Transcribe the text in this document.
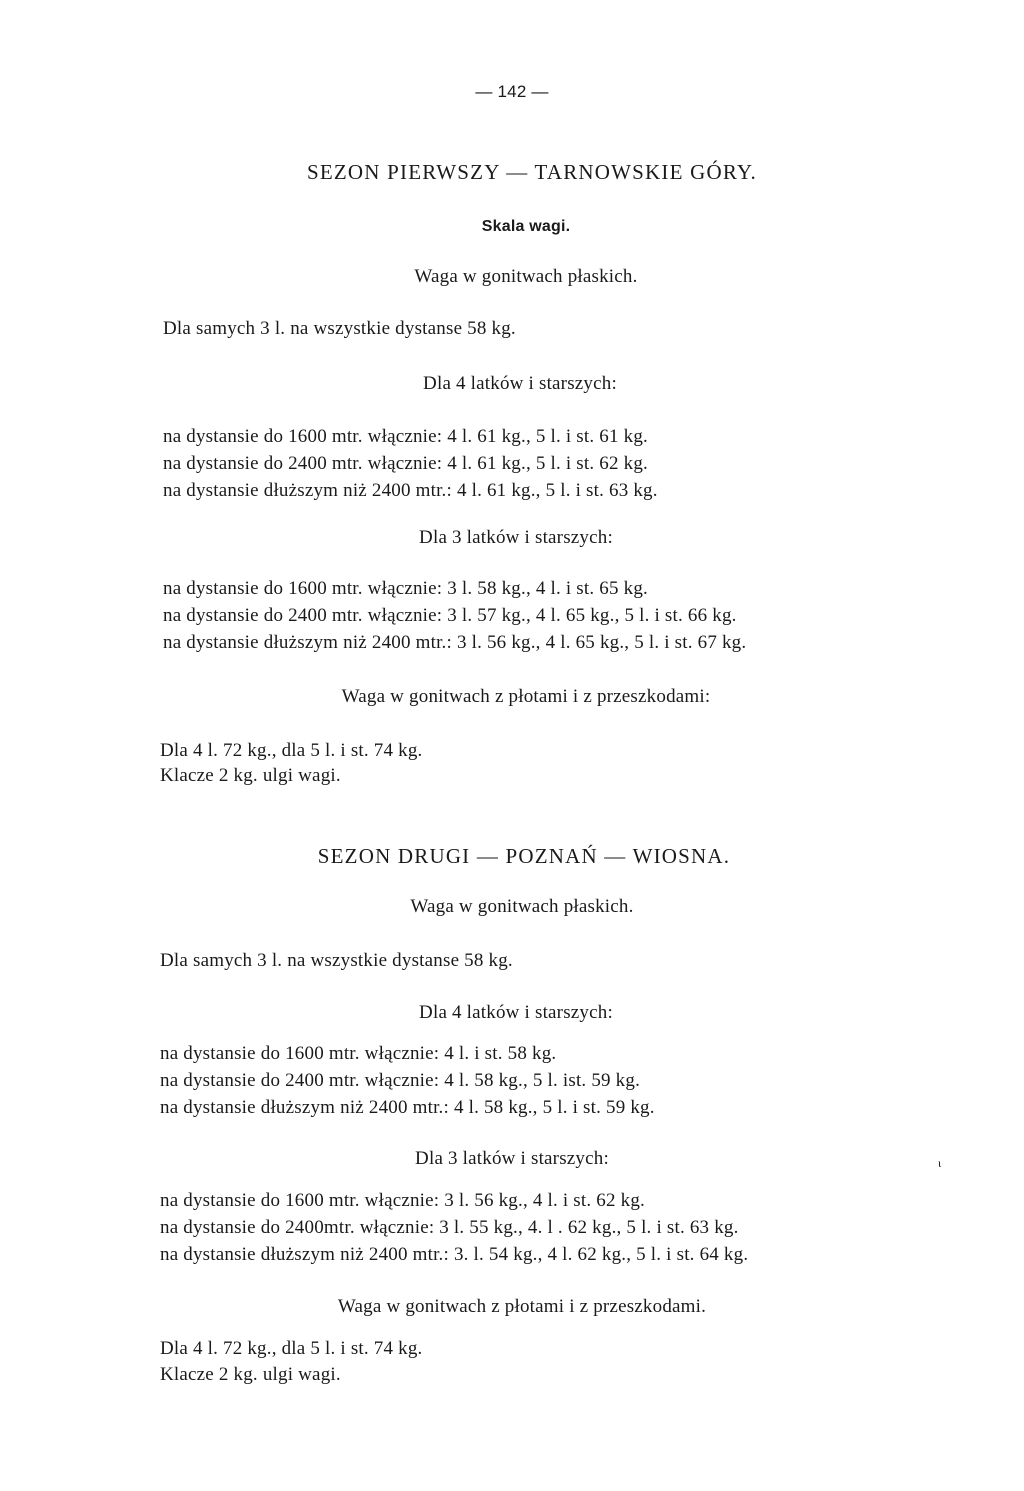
— 142 —
SEZON PIERWSZY — TARNOWSKIE GÓRY.
Skala wagi.
Waga w gonitwach płaskich.
Dla samych 3 l. na wszystkie dystanse 58 kg.
Dla 4 latków i starszych:
na dystansie do 1600 mtr. włącznie: 4 l. 61 kg., 5 l. i st. 61 kg.
na dystansie do 2400 mtr. włącznie: 4 l. 61 kg., 5 l. i st. 62 kg.
na dystansie dłuższym niż 2400 mtr.: 4 l. 61 kg., 5 l. i st. 63 kg.
Dla 3 latków i starszych:
na dystansie do 1600 mtr. włącznie: 3 l. 58 kg., 4 l. i st. 65 kg.
na dystansie do 2400 mtr. włącznie: 3 l. 57 kg., 4 l. 65 kg., 5 l. i st. 66 kg.
na dystansie dłuższym niż 2400 mtr.: 3 l. 56 kg., 4 l. 65 kg., 5 l. i st. 67 kg.
Waga w gonitwach z płotami i z przeszkodami:
Dla 4 l. 72 kg., dla 5 l. i st. 74 kg.
Klacze 2 kg. ulgi wagi.
SEZON DRUGI — POZNAŃ — WIOSNA.
Waga w gonitwach płaskich.
Dla samych 3 l. na wszystkie dystanse 58 kg.
Dla 4 latków i starszych:
na dystansie do 1600 mtr. włącznie: 4 l. i st. 58 kg.
na dystansie do 2400 mtr. włącznie: 4 l. 58 kg., 5 l. ist. 59 kg.
na dystansie dłuższym niż 2400 mtr.: 4 l. 58 kg., 5 l. i st. 59 kg.
Dla 3 latków i starszych:	ι
na dystansie do 1600 mtr. włącznie: 3 l. 56 kg., 4 l. i st. 62 kg.
na dystansie do 2400mtr. włącznie: 3 l. 55 kg., 4. l . 62 kg., 5 l. i st. 63 kg.
na dystansie dłuższym niż 2400 mtr.: 3. l. 54 kg., 4 l. 62 kg., 5 l. i st. 64 kg.
Waga w gonitwach z płotami i z przeszkodami.
Dla 4 l. 72 kg., dla 5 l. i st. 74 kg.
Klacze 2 kg. ulgi wagi.
